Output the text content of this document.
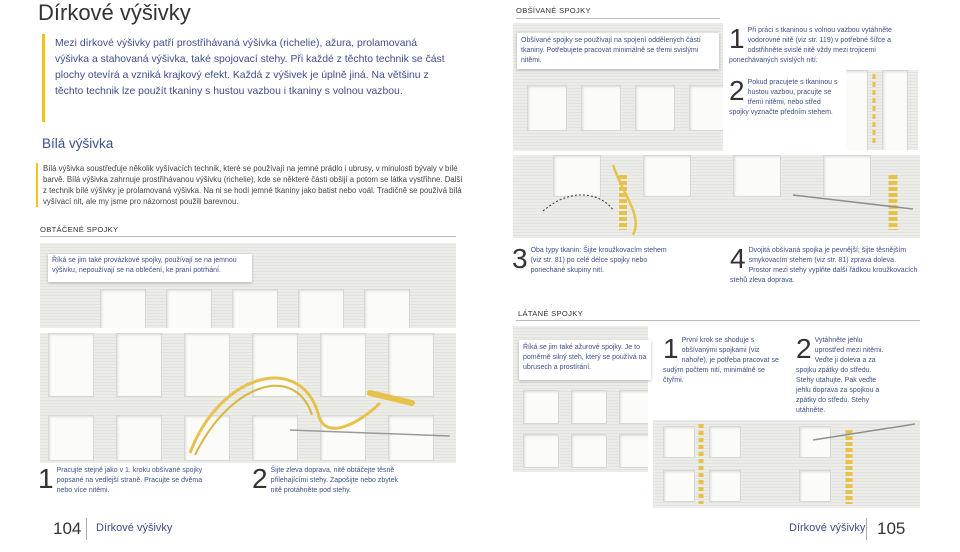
Dírkové výšivky
Mezi dírkové výšivky patří prostřihávaná výšivka (richelie), ažura, prolamovaná výšivka a stahovaná výšivka, také spojovací stehy. Při každé z těchto technik se část plochy otevírá a vzniká krajkový efekt. Každá z výšivek je úplně jiná. Na většinu z těchto technik lze použít tkaniny s hustou vazbou i tkaniny s volnou vazbou.
Bílá výšivka
Bílá výšivka soustřeďuje několik vyšívacích technik, které se používají na jemné prádlo i ubrusy, v minulosti bývaly v bílé barvě. Bílá výšivka zahrnuje prostřihávanou výšivku (richelie), kde se některé části obšijí a potom se látka vystřihne. Další z technik bílé výšivky je prolamovaná výšivka. Na ni se hodí jemné tkaniny jako batist nebo voál. Tradičně se používá bílá vyšívací nit, ale my jsme pro názornost použili barevnou.
OBTÁČENÉ SPOJKY
Říká se jim také provázkové spojky, používají se na jemnou výšivku, nepoužívají se na oblečení, ke praní potrhání.
1 Pracujte stejně jako v 1. kroku obšívané spojky popsané na vedlejší straně. Pracujte se dvěma nebo více nitěmi.	2 Šijte zleva doprava, nitě obtáčejte těsně přilehajícími stehy. Zapošijte nebo zbytek nitě protáhněte pod stehy.
104 Dírkové výšivky
OBŠÍVANÉ SPOJKY
Obšívané spojky se používají na spojení oddělených částí tkaniny. Potřebujete pracovat minimálně se třemi svislými nitěmi.
1 Při práci s tkaninou s volnou vazbou vytáhněte vodorovné nitě (viz str. 119) v potřebné šířce a odstřihněte svislé nitě vždy mezi trojicemi ponechávaných svislých nití.
2 Pokud pracujete s tkaninou s hustou vazbou, pracujte se třemi nitěmi, nebo střed spojky vyznačte předním stehem.
3 Oba typy tkanin: Šijte kroužkovacím stehem (viz str. 81) po celé délce spojky nebo ponechané skupiny nití.	4 Dvojitá obšívaná spojka je pevnější; šijte těsnějším smykovacím stehem (viz str. 81) zprava doleva. Prostor mezi stehy vyplňte další řádkou kroužkovacích stehů zleva doprava.
LÁTANÉ SPOJKY
Říká se jim také ažurové spojky. Je to poměrně silný steh, který se používá na ubrusech a prostírání.
1 První krok se shoduje s obšívanými spojkami (viz nahoře), je potřeba pracovat se sudým počtem nití, minimálně se čtyřmi.
2 Vytáhněte jehlu uprostřed mezi nitěmi. Veďte ji doleva a za spojku zpátky do středu. Stehy utahujte. Pak veďte jehlu doprava za spojkou a zpátky do středu. Stehy utáhněte.
Dírkové výšivky 105
